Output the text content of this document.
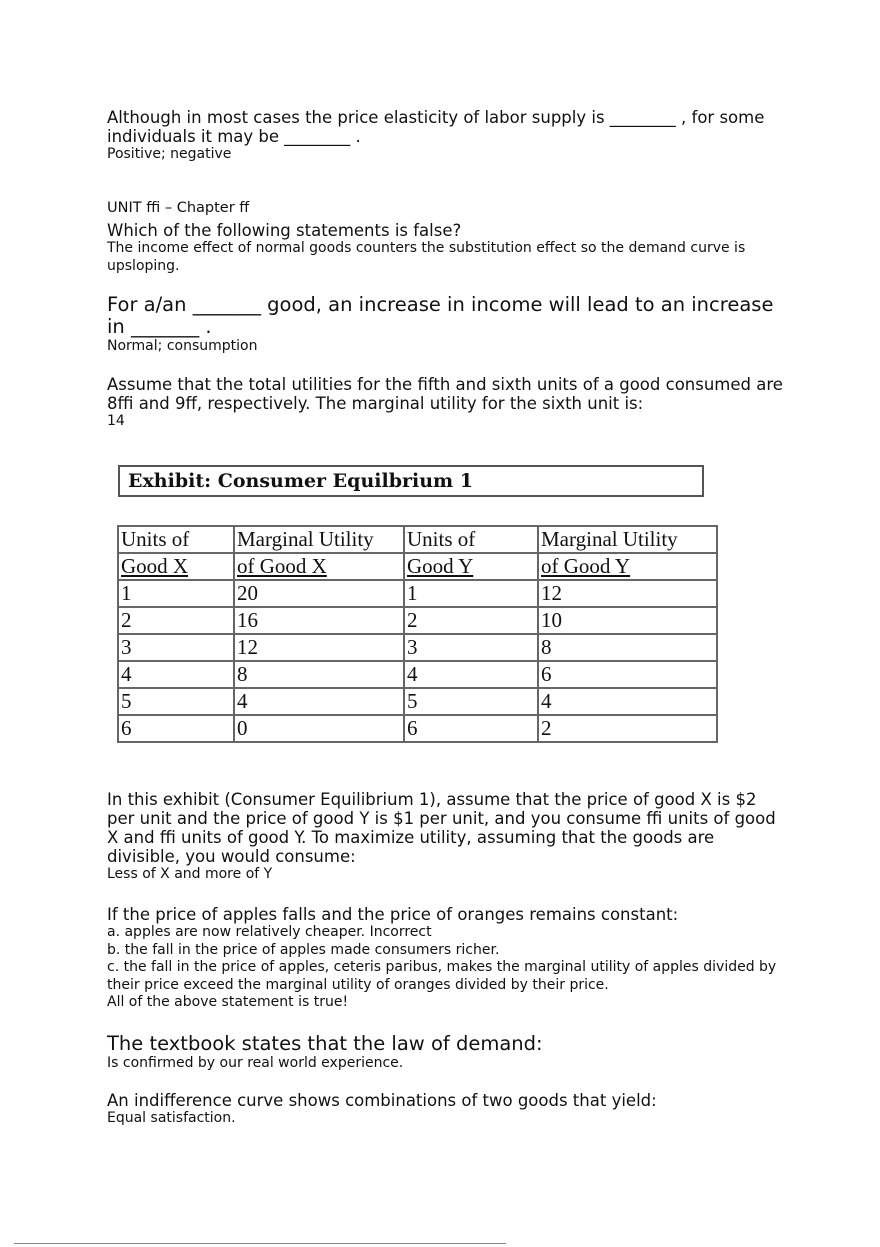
Although in most cases the price elasticity of labor supply is ________ , for some individuals it may be ________ .

Positive; negative

UNIT ﬃ – Chapter ﬀ

Which of the following statements is false?

The income effect of normal goods counters the substitution effect so the demand curve is upsloping.

For a/an _______ good, an increase in income will lead to an increase in _______ .

Normal; consumption

Assume that the total utilities for the fifth and sixth units of a good consumed are 8ﬃ and 9ﬀ, respectively. The marginal utility for the sixth unit is:

14

Exhibit: Consumer Equilbrium 1
Units of	Marginal Utility	Units of	Marginal Utility
Good X	of Good X	Good Y	of Good Y
1	20	1	12
2	16	2	10
3	12	3	8
4	8	4	6
5	4	5	4
6	0	6	2

In this exhibit (Consumer Equilibrium 1), assume that the price of good X is $2 per unit and the price of good Y is $1 per unit, and you consume ﬃ units of good X and ﬃ units of good Y. To maximize utility, assuming that the goods are divisible, you would consume:

Less of X and more of Y

If the price of apples falls and the price of oranges remains constant:

a. apples are now relatively cheaper. Incorrect

b. the fall in the price of apples made consumers richer.

c. the fall in the price of apples, ceteris paribus, makes the marginal utility of apples divided by their price exceed the marginal utility of oranges divided by their price.

All of the above statement is true!

The textbook states that the law of demand:

Is confirmed by our real world experience.

An indifference curve shows combinations of two goods that yield:

Equal satisfaction.
